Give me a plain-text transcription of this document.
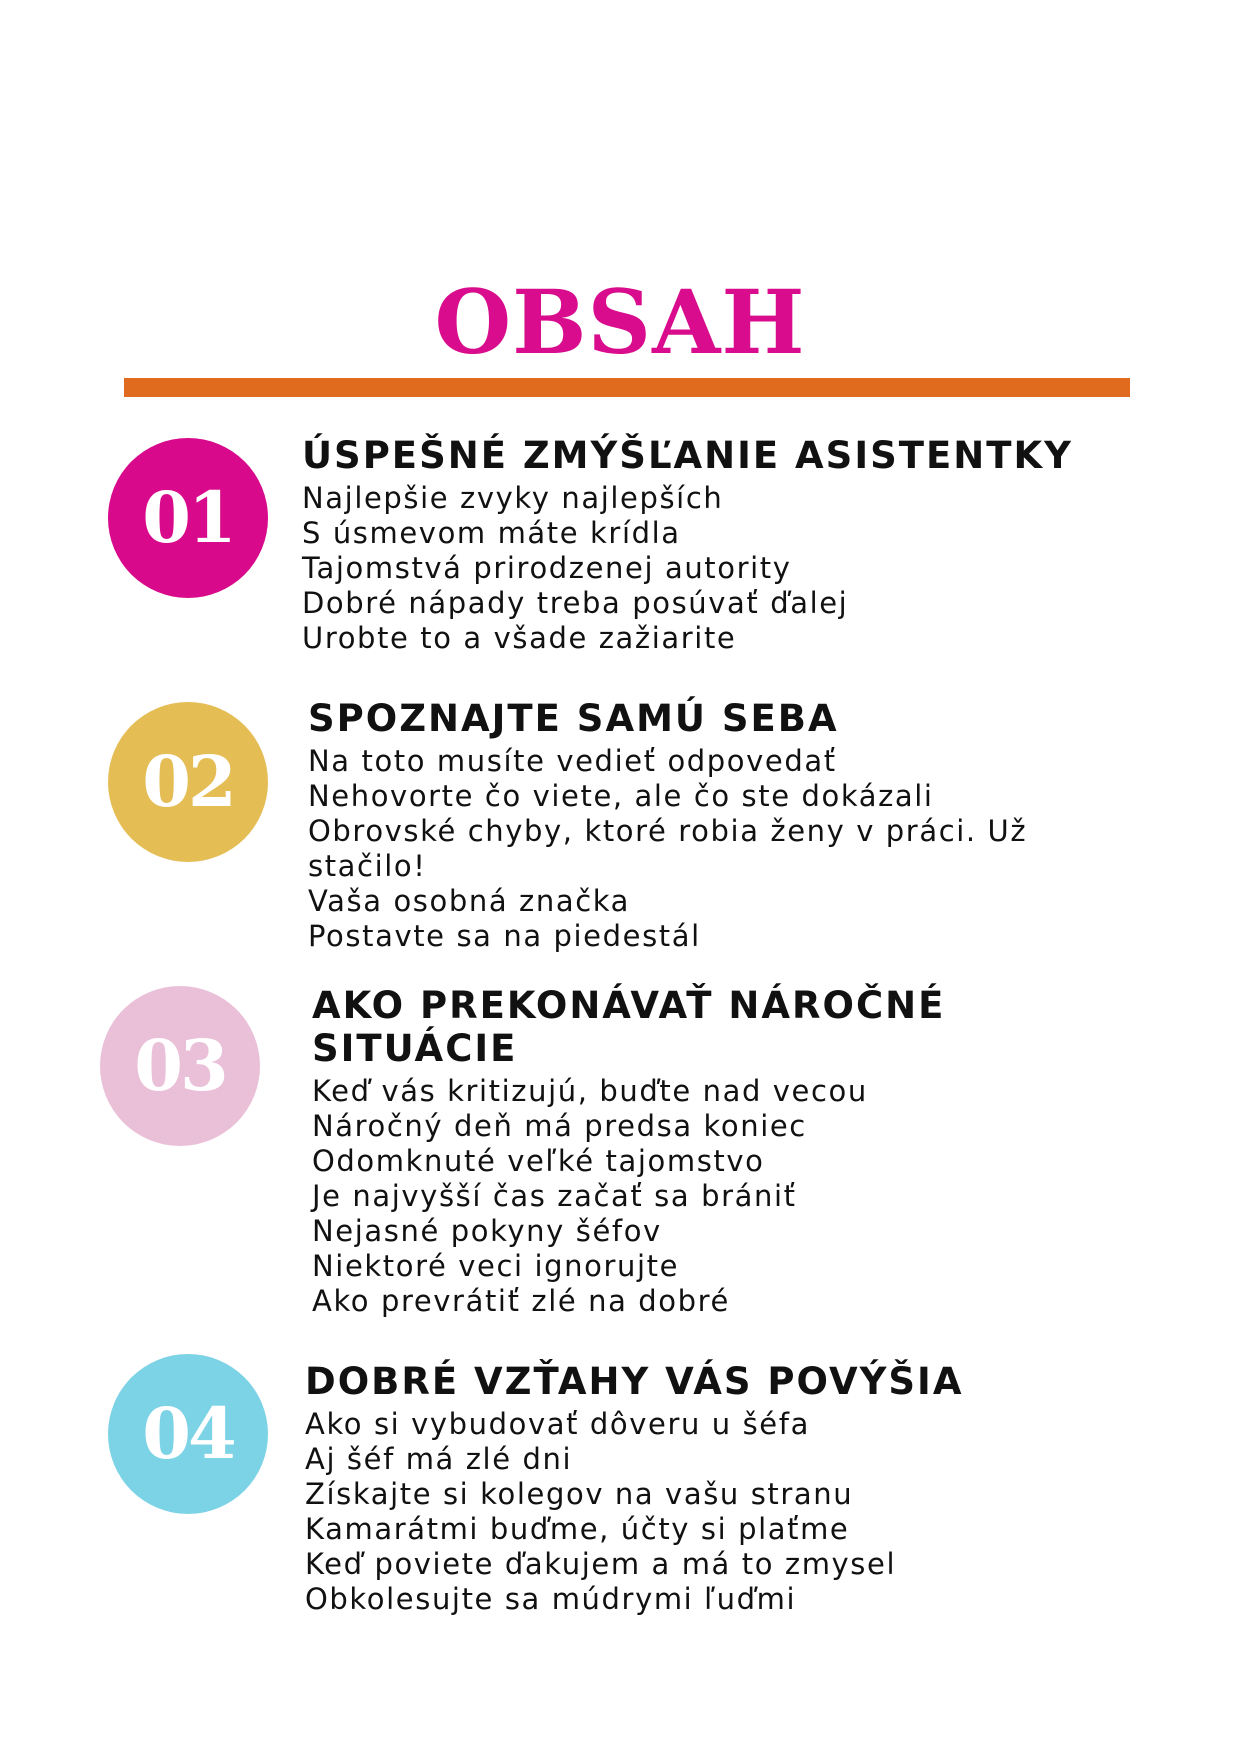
OBSAH
01
ÚSPEŠNÉ ZMÝŠĽANIE ASISTENTKY
Najlepšie zvyky najlepších
S úsmevom máte krídla
Tajomstvá prirodzenej autority
Dobré nápady treba posúvať ďalej
Urobte to a všade zažiarite
02
SPOZNAJTE SAMÚ SEBA
Na toto musíte vedieť odpovedať
Nehovorte čo viete, ale čo ste dokázali
Obrovské chyby, ktoré robia ženy v práci. Už stačilo!
Vaša osobná značka
Postavte sa na piedestál
03
AKO PREKONÁVAŤ NÁROČNÉ SITUÁCIE
Keď vás kritizujú, buďte nad vecou
Náročný deň má predsa koniec
Odomknuté veľké tajomstvo
Je najvyšší čas začať sa brániť
Nejasné pokyny šéfov
Niektoré veci ignorujte
Ako prevrátiť zlé na dobré
04
DOBRÉ VZŤAHY VÁS POVÝŠIA
Ako si vybudovať dôveru u šéfa
Aj šéf má zlé dni
Získajte si kolegov na vašu stranu
Kamarátmi buďme, účty si plaťme
Keď poviete ďakujem a má to zmysel
Obkolesujte sa múdrymi ľuďmi
